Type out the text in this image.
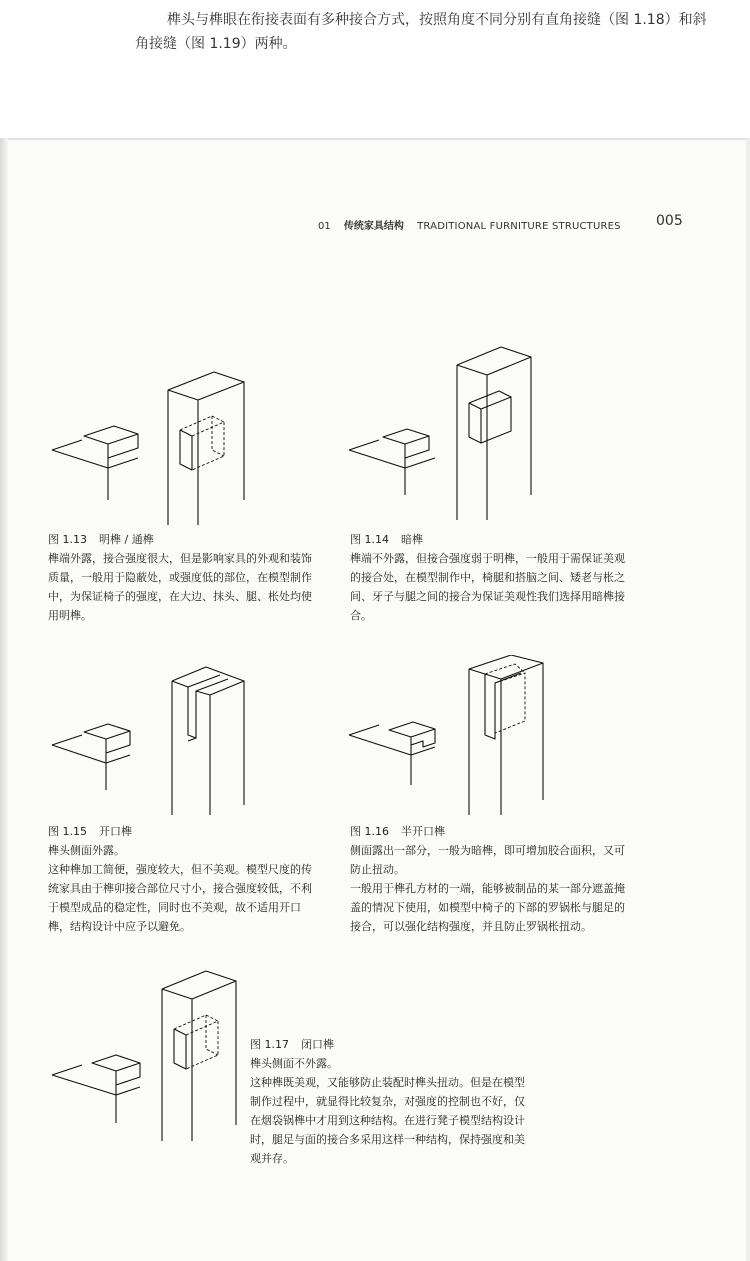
榫头与榫眼在衔接表面有多种接合方式，按照角度不同分别有直角接缝（图 1.18）和斜角接缝（图 1.19）两种。

01 传统家具结构 TRADITIONAL FURNITURE STRUCTURES	005
图 1.13 明榫 / 通榫
榫端外露，接合强度很大，但是影响家具的外观和装饰质量，一般用于隐蔽处，或强度低的部位，在模型制作中，为保证椅子的强度，在大边、抹头、腿、枨处均使用明榫。
图 1.14 暗榫
榫端不外露，但接合强度弱于明榫，一般用于需保证美观的接合处，在模型制作中，椅腿和搭脑之间、矮老与枨之间、牙子与腿之间的接合为保证美观性我们选择用暗榫接合。
图 1.15 开口榫
榫头侧面外露。
这种榫加工简便，强度较大，但不美观。模型尺度的传统家具由于榫卯接合部位尺寸小，接合强度较低，不利于模型成品的稳定性，同时也不美观，故不适用开口榫，结构设计中应予以避免。
图 1.16 半开口榫
侧面露出一部分，一般为暗榫，即可增加胶合面积，又可防止扭动。
一般用于榫孔方材的一端，能够被制品的某一部分遮盖掩盖的情况下使用，如模型中椅子的下部的罗锅枨与腿足的接合，可以强化结构强度，并且防止罗锅枨扭动。
图 1.17 闭口榫
榫头侧面不外露。
这种榫既美观，又能够防止装配时榫头扭动。但是在模型制作过程中，就显得比较复杂，对强度的控制也不好，仅在烟袋锅榫中才用到这种结构。在进行凳子模型结构设计时，腿足与面的接合多采用这样一种结构，保持强度和美观并存。
